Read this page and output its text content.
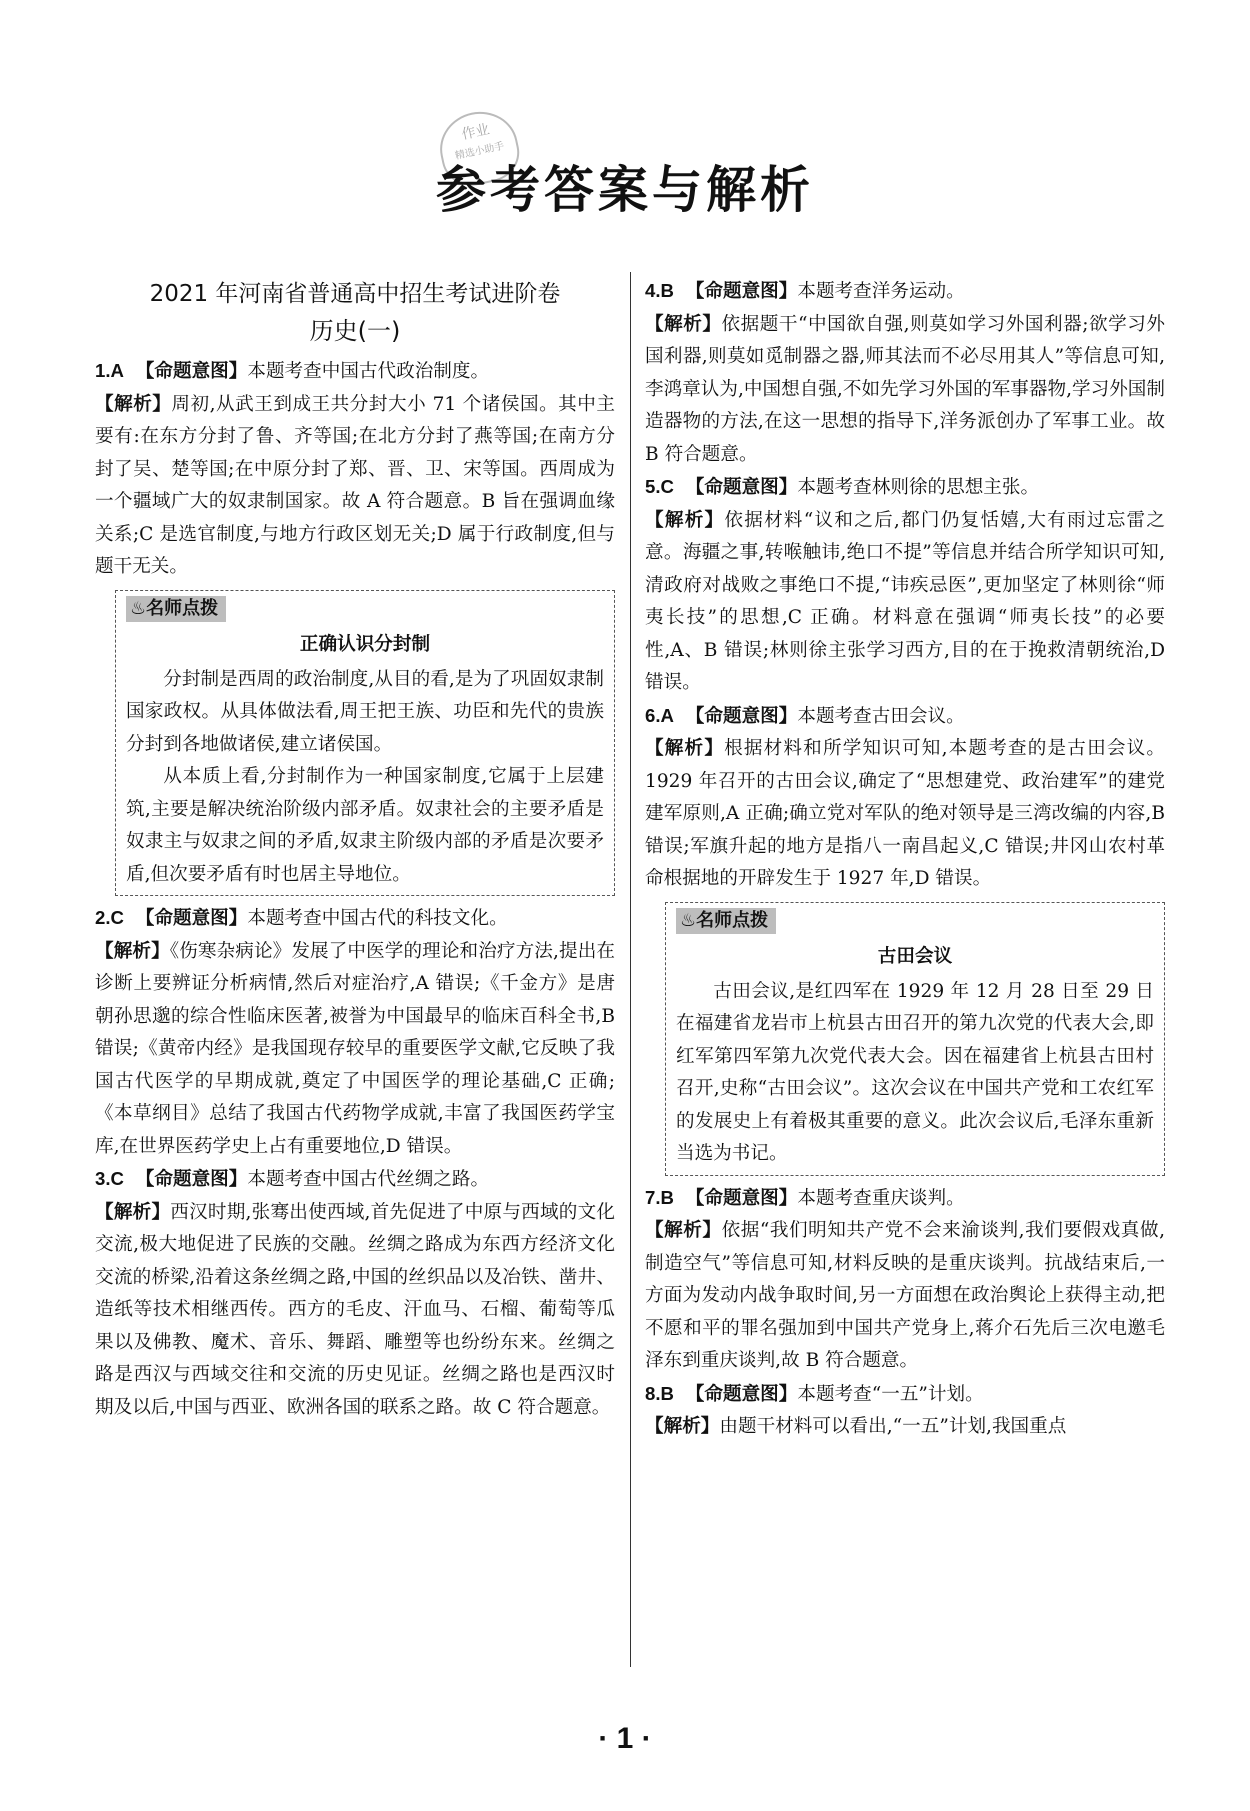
作业
精选小助手
参考答案与解析
2021 年河南省普通高中招生考试进阶卷
历史(一)
1.A 【命题意图】本题考查中国古代政治制度。
【解析】周初,从武王到成王共分封大小 71 个诸侯国。其中主要有:在东方分封了鲁、齐等国;在北方分封了燕等国;在南方分封了吴、楚等国;在中原分封了郑、晋、卫、宋等国。西周成为一个疆域广大的奴隶制国家。故 A 符合题意。B 旨在强调血缘关系;C 是选官制度,与地方行政区划无关;D 属于行政制度,但与题干无关。
♨名师点拨
正确认识分封制

分封制是西周的政治制度,从目的看,是为了巩固奴隶制国家政权。从具体做法看,周王把王族、功臣和先代的贵族分封到各地做诸侯,建立诸侯国。

从本质上看,分封制作为一种国家制度,它属于上层建筑,主要是解决统治阶级内部矛盾。奴隶社会的主要矛盾是奴隶主与奴隶之间的矛盾,奴隶主阶级内部的矛盾是次要矛盾,但次要矛盾有时也居主导地位。

2.C 【命题意图】本题考查中国古代的科技文化。
【解析】《伤寒杂病论》发展了中医学的理论和治疗方法,提出在诊断上要辨证分析病情,然后对症治疗,A 错误;《千金方》是唐朝孙思邈的综合性临床医著,被誉为中国最早的临床百科全书,B 错误;《黄帝内经》是我国现存较早的重要医学文献,它反映了我国古代医学的早期成就,奠定了中国医学的理论基础,C 正确;《本草纲目》总结了我国古代药物学成就,丰富了我国医药学宝库,在世界医药学史上占有重要地位,D 错误。
3.C 【命题意图】本题考查中国古代丝绸之路。
【解析】西汉时期,张骞出使西域,首先促进了中原与西域的文化交流,极大地促进了民族的交融。丝绸之路成为东西方经济文化交流的桥梁,沿着这条丝绸之路,中国的丝织品以及冶铁、凿井、造纸等技术相继西传。西方的毛皮、汗血马、石榴、葡萄等瓜果以及佛教、魔术、音乐、舞蹈、雕塑等也纷纷东来。丝绸之路是西汉与西域交往和交流的历史见证。丝绸之路也是西汉时期及以后,中国与西亚、欧洲各国的联系之路。故 C 符合题意。
4.B 【命题意图】本题考查洋务运动。
【解析】依据题干“中国欲自强,则莫如学习外国利器;欲学习外国利器,则莫如觅制器之器,师其法而不必尽用其人”等信息可知,李鸿章认为,中国想自强,不如先学习外国的军事器物,学习外国制造器物的方法,在这一思想的指导下,洋务派创办了军事工业。故 B 符合题意。
5.C 【命题意图】本题考查林则徐的思想主张。
【解析】依据材料“议和之后,都门仍复恬嬉,大有雨过忘雷之意。海疆之事,转喉触讳,绝口不提”等信息并结合所学知识可知,清政府对战败之事绝口不提,“讳疾忌医”,更加坚定了林则徐“师夷长技”的思想,C 正确。材料意在强调“师夷长技”的必要性,A、B 错误;林则徐主张学习西方,目的在于挽救清朝统治,D 错误。
6.A 【命题意图】本题考查古田会议。
【解析】根据材料和所学知识可知,本题考查的是古田会议。1929 年召开的古田会议,确定了“思想建党、政治建军”的建党建军原则,A 正确;确立党对军队的绝对领导是三湾改编的内容,B 错误;军旗升起的地方是指八一南昌起义,C 错误;井冈山农村革命根据地的开辟发生于 1927 年,D 错误。
♨名师点拨
古田会议

古田会议,是红四军在 1929 年 12 月 28 日至 29 日在福建省龙岩市上杭县古田召开的第九次党的代表大会,即红军第四军第九次党代表大会。因在福建省上杭县古田村召开,史称“古田会议”。这次会议在中国共产党和工农红军的发展史上有着极其重要的意义。此次会议后,毛泽东重新当选为书记。

7.B 【命题意图】本题考查重庆谈判。
【解析】依据“我们明知共产党不会来渝谈判,我们要假戏真做,制造空气”等信息可知,材料反映的是重庆谈判。抗战结束后,一方面为发动内战争取时间,另一方面想在政治舆论上获得主动,把不愿和平的罪名强加到中国共产党身上,蒋介石先后三次电邀毛泽东到重庆谈判,故 B 符合题意。
8.B 【命题意图】本题考查“一五”计划。
【解析】由题干材料可以看出,“一五”计划,我国重点
· 1 ·
